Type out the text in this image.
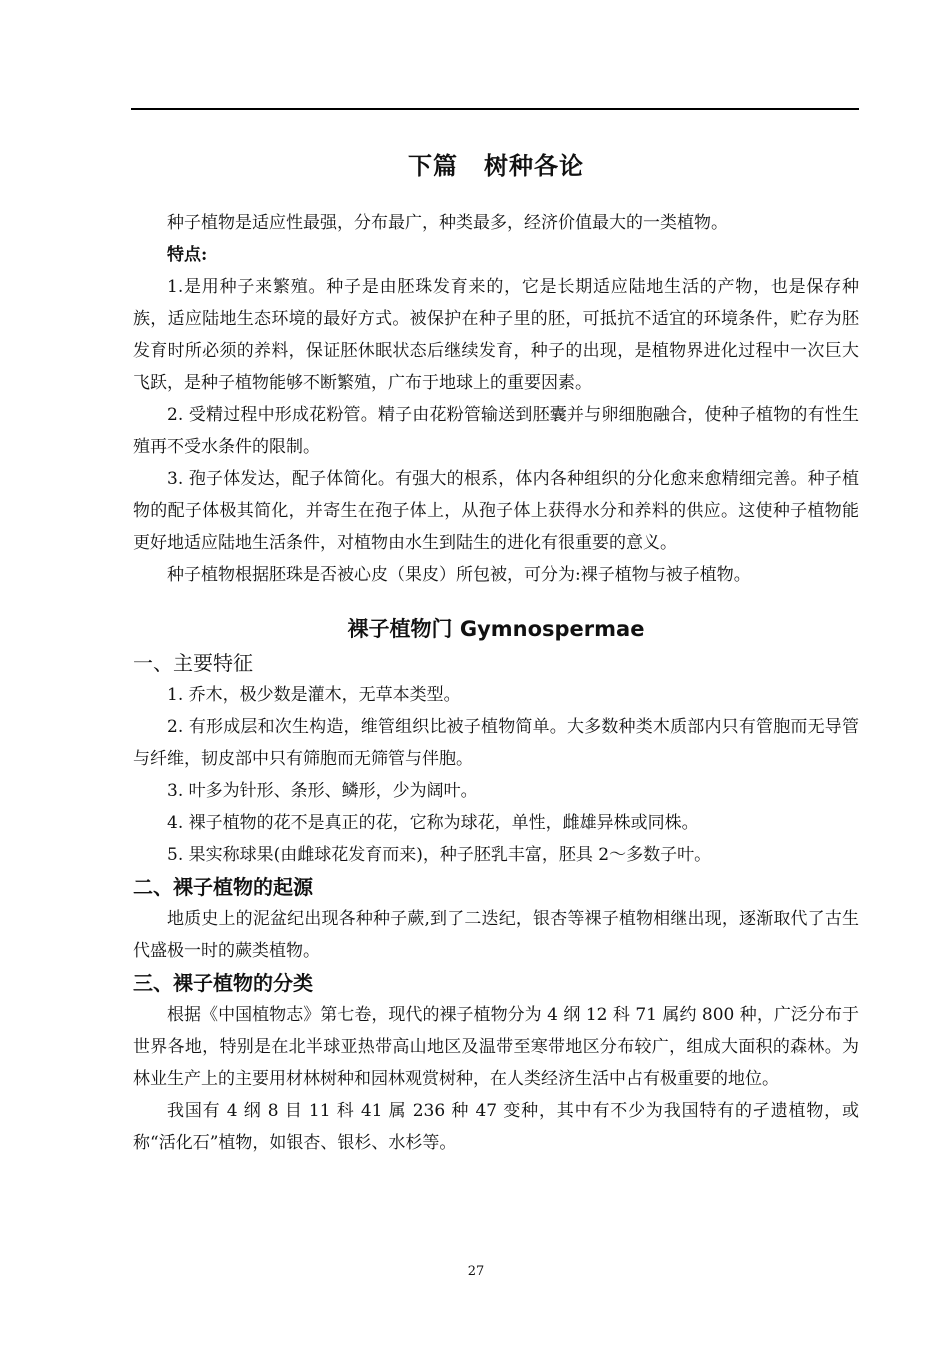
下篇 树种各论

种子植物是适应性最强，分布最广，种类最多，经济价值最大的一类植物。

特点:

1.是用种子来繁殖。种子是由胚珠发育来的，它是长期适应陆地生活的产物，也是保存种族，适应陆地生态环境的最好方式。被保护在种子里的胚，可抵抗不适宜的环境条件，贮存为胚发育时所必须的养料，保证胚休眠状态后继续发育，种子的出现，是植物界进化过程中一次巨大飞跃，是种子植物能够不断繁殖，广布于地球上的重要因素。

2. 受精过程中形成花粉管。精子由花粉管输送到胚囊并与卵细胞融合，使种子植物的有性生殖再不受水条件的限制。

3. 孢子体发达，配子体简化。有强大的根系，体内各种组织的分化愈来愈精细完善。种子植物的配子体极其简化，并寄生在孢子体上，从孢子体上获得水分和养料的供应。这使种子植物能更好地适应陆地生活条件，对植物由水生到陆生的进化有很重要的意义。

种子植物根据胚珠是否被心皮（果皮）所包被，可分为:裸子植物与被子植物。

裸子植物门 Gymnospermae
一、主要特征

1. 乔木，极少数是灌木，无草本类型。

2. 有形成层和次生构造，维管组织比被子植物简单。大多数种类木质部内只有管胞而无导管与纤维，韧皮部中只有筛胞而无筛管与伴胞。

3. 叶多为针形、条形、鳞形，少为阔叶。

4. 裸子植物的花不是真正的花，它称为球花，单性，雌雄异株或同株。

5. 果实称球果(由雌球花发育而来)，种子胚乳丰富，胚具 2～多数子叶。

二、裸子植物的起源

地质史上的泥盆纪出现各种种子蕨,到了二迭纪，银杏等裸子植物相继出现，逐渐取代了古生代盛极一时的蕨类植物。

三、裸子植物的分类

根据《中国植物志》第七卷，现代的裸子植物分为 4 纲 12 科 71 属约 800 种，广泛分布于世界各地，特别是在北半球亚热带高山地区及温带至寒带地区分布较广，组成大面积的森林。为林业生产上的主要用材林树种和园林观赏树种，在人类经济生活中占有极重要的地位。

我国有 4 纲 8 目 11 科 41 属 236 种 47 变种，其中有不少为我国特有的孑遗植物，或称“活化石”植物，如银杏、银杉、水杉等。

27
